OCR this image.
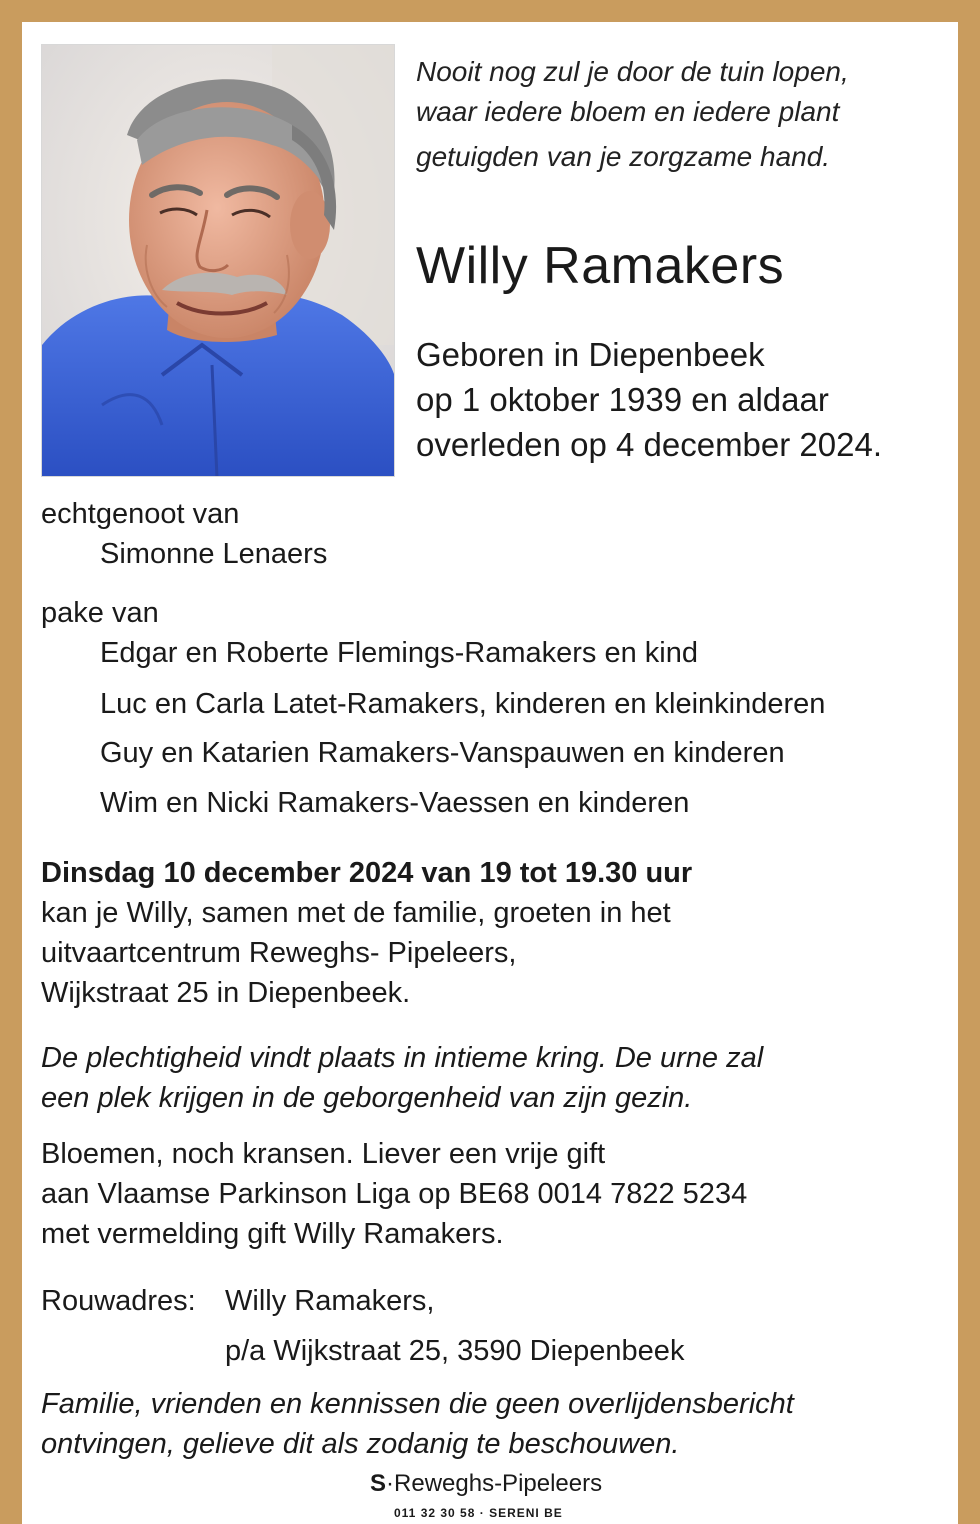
Nooit nog zul je door de tuin lopen,
waar iedere bloem en iedere plant
getuigden van je zorgzame hand.
Willy Ramakers
Geboren in Diepenbeek
op 1 oktober 1939 en aldaar
overleden op 4 december 2024.
echtgenoot van
Simonne Lenaers
pake van
Edgar en Roberte Flemings-Ramakers en kind
Luc en Carla Latet-Ramakers, kinderen en kleinkinderen
Guy en Katarien Ramakers-Vanspauwen en kinderen
Wim en Nicki Ramakers-Vaessen en kinderen
Dinsdag 10 december 2024 van 19 tot 19.30 uur
kan je Willy, samen met de familie, groeten in het
uitvaartcentrum Reweghs- Pipeleers,
Wijkstraat 25 in Diepenbeek.
De plechtigheid vindt plaats in intieme kring. De urne zal
een plek krijgen in de geborgenheid van zijn gezin.
Bloemen, noch kransen. Liever een vrije gift
aan Vlaamse Parkinson Liga op BE68 0014 7822 5234
met vermelding gift Willy Ramakers.
Rouwadres: Willy Ramakers,
p/a Wijkstraat 25, 3590 Diepenbeek
Familie, vrienden en kennissen die geen overlijdensbericht
ontvingen, gelieve dit als zodanig te beschouwen.
S·Reweghs-Pipeleers
011 32 30 58 · SERENI BE
